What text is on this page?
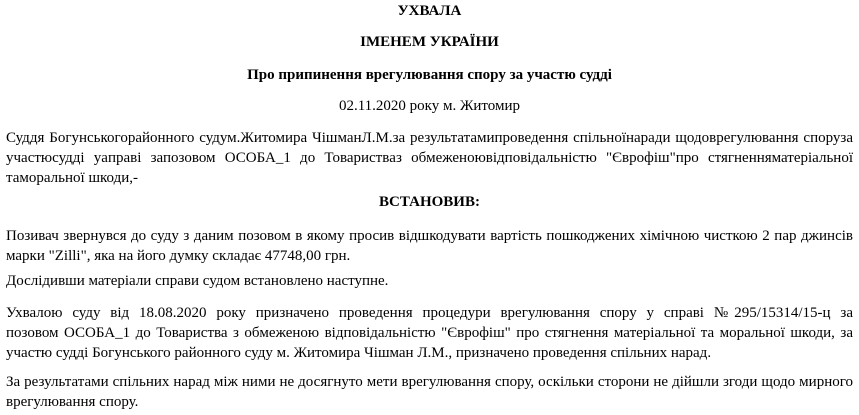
УХВАЛА
ІМЕНЕМ УКРАЇНИ
Про припинення врегулювання спору за участю судді
02.11.2020 року м. Житомир
Суддя Богунськогорайонного судум.Житомира ЧішманЛ.М.за результатамипроведення спільноїнаради щодоврегулювання спорузa
участюсудді уaправі запозовом ОСОБА_1 до Товариствaз обмеженоювідповідальністю "Єврофіш"про стягненняматеріальної
таморальної шкоди,-
ВСТАНОВИВ:
Позивач звернувся до суду з даним позовом в якому просив відшкодувати вартість пошкоджених хімічною чисткою 2 пар джинсів
марки "Zilli", яка на його думку складає 47748,00 грн.
Дослідивши матеріали справи судом встановлено наступне.
Ухвалою суду від 18.08.2020 року призначено проведення процедури врегулювання спору у справі №295/15314/15-ц за
позовом ОСОБА_1 до Товариства з обмеженою відповідальністю "Єврофіш" про стягнення матеріальної та моральної шкоди, за
участю судді Богунського районного суду м. Житомира Чішман Л.М., призначено проведення спільних нарад.
За результатами спільних нарад між ними не досягнуто мети врегулювання спору, оскільки сторони не дійшли згоди щодо мирного
врегулювання спору.
